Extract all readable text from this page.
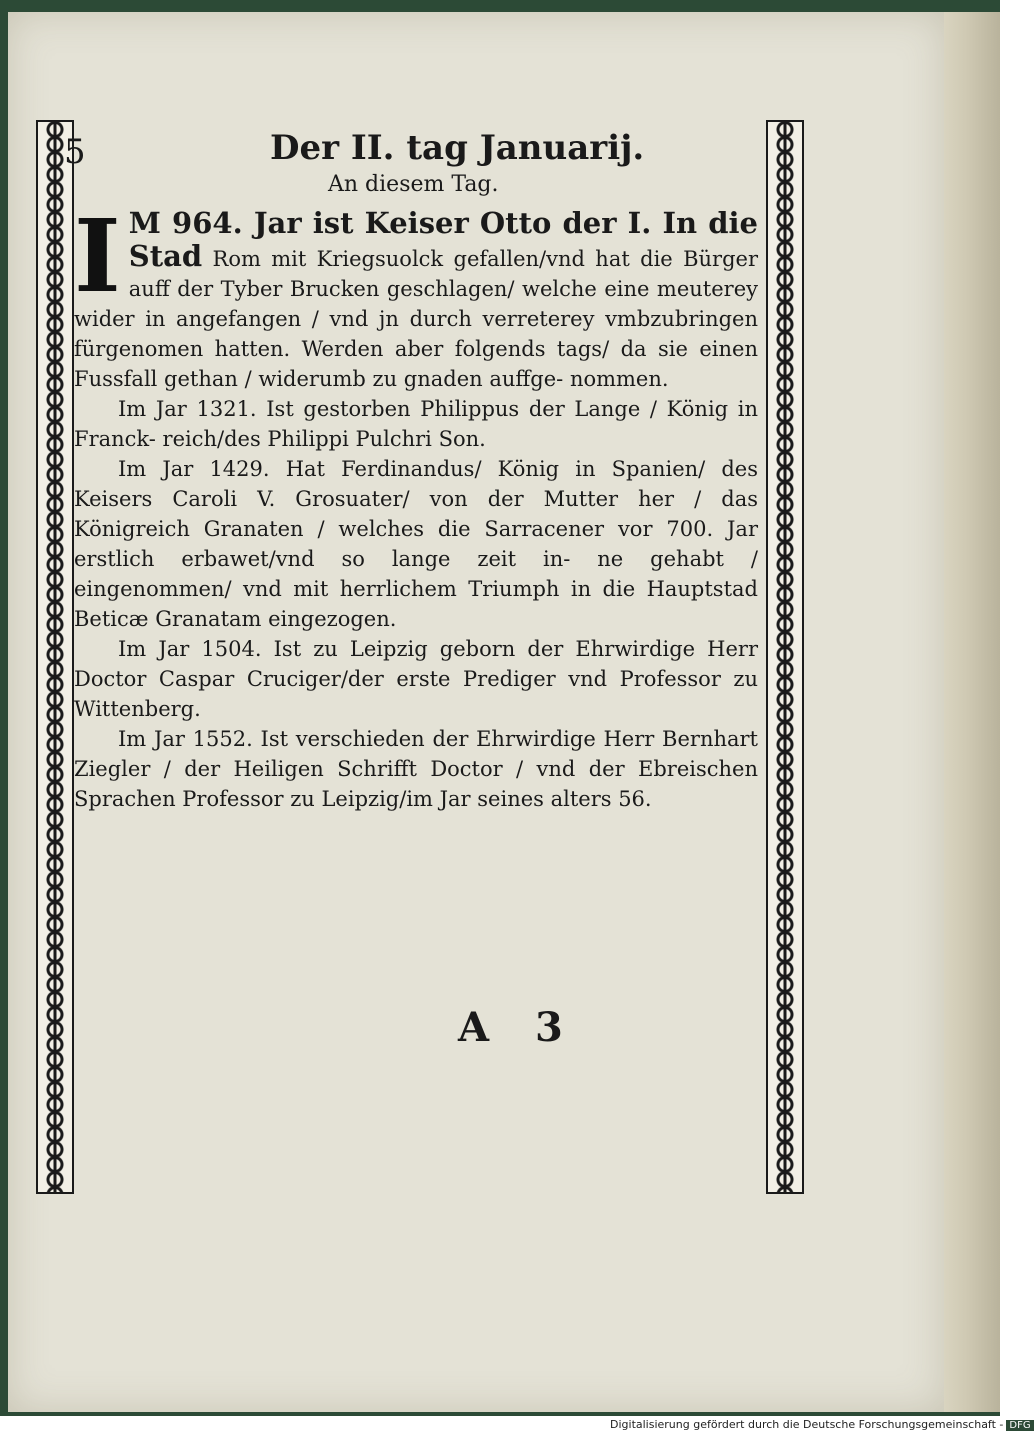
5	Der II. tag Januarij.
An diesem Tag.

I M 964. Jar ist Keiser Otto der I. In die Stad Rom mit Kriegsuolck gefallen/vnd hat die Bürger auff der Tyber Brucken geschlagen/ welche eine meuterey wider in angefangen / vnd jn durch verreterey vmbzubringen fürgenomen hatten. Werden aber folgends tags/ da sie einen Fussfall gethan / widerumb zu gnaden auffge- nommen.

Im Jar 1321. Ist gestorben Philippus der Lange / König in Franck- reich/des Philippi Pulchri Son.

Im Jar 1429. Hat Ferdinandus/ König in Spanien/ des Keisers Caroli V. Grosuater/ von der Mutter her / das Königreich Granaten / welches die Sarracener vor 700. Jar erstlich erbawet/vnd so lange zeit in- ne gehabt / eingenommen/ vnd mit herrlichem Triumph in die Hauptstad Beticæ Granatam eingezogen.

Im Jar 1504. Ist zu Leipzig geborn der Ehrwirdige Herr Doctor Caspar Cruciger/der erste Prediger vnd Professor zu Wittenberg.

Im Jar 1552. Ist verschieden der Ehrwirdige Herr Bernhart Ziegler / der Heiligen Schrifft Doctor / vnd der Ebreischen Sprachen Professor zu Leipzig/im Jar seines alters 56.

A 3
Digitalisierung gefördert durch die Deutsche Forschungsgemeinschaft - DFG
